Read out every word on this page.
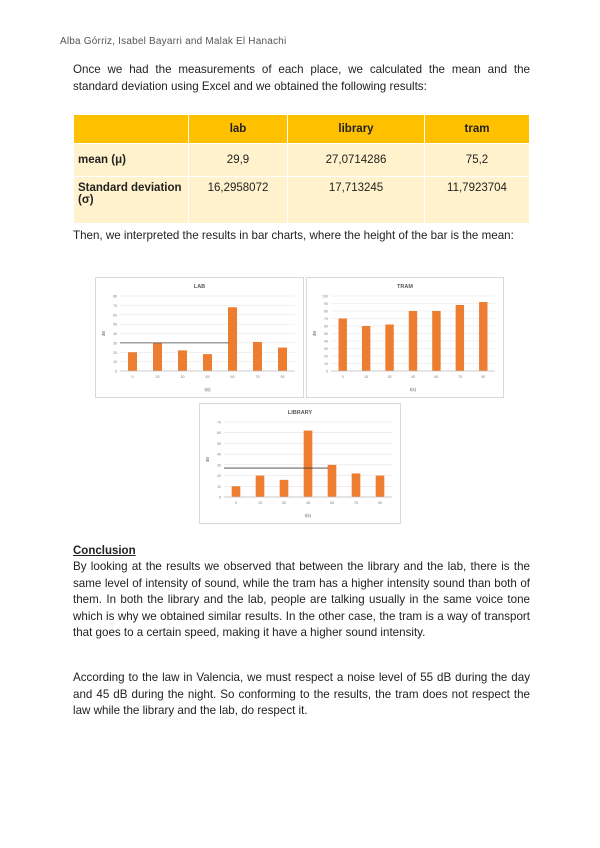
Alba Górriz, Isabel Bayarri and Malak El Hanachi

Once we had the measurements of each place, we calculated the mean and the standard deviation using Excel and we obtained the following results:

	lab	library	tram
mean (μ)	29,9	27,0714286	75,2
Standard deviation (σ)	16,2958072	17,713245	11,7923704

Then, we interpreted the results in bar charts, where the height of the bar is the mean:

LAB
0
10
20
30
40
50
60
70
80
dB
0	15	30	45	60	75	90
t(s)
TRAM
0
10
20
30
40
50
60
70
80
90
100
dB
0	15	30	45	60	75	90
t(s)
LIBRARY
0
10
20
30
40
50
60
70
dB
0	15	30	45	60	75	90
t(s)
Conclusion

By looking at the results we observed that between the library and the lab, there is the same level of intensity of sound, while the tram has a higher intensity sound than both of them. In both the library and the lab, people are talking usually in the same voice tone which is why we obtained similar results. In the other case, the tram is a way of transport that goes to a certain speed, making it have a higher sound intensity.

According to the law in Valencia, we must respect a noise level of 55 dB during the day and 45 dB during the night. So conforming to the results, the tram does not respect the law while the library and the lab, do respect it.
